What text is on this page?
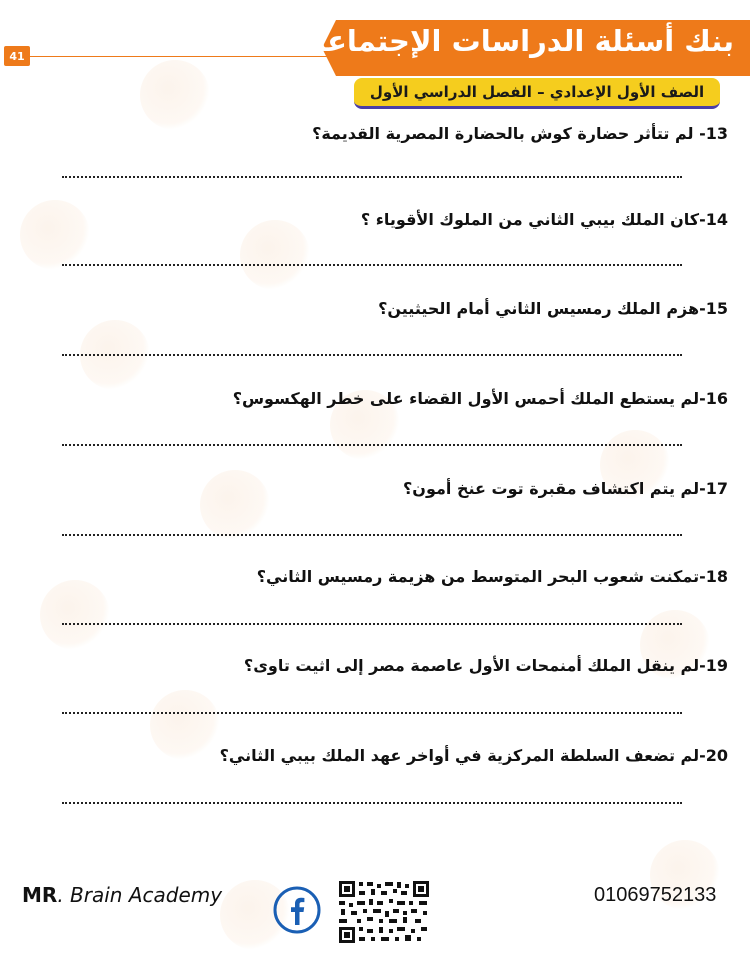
41	بنك أسئلة الدراسات الإجتماعية
الصف الأول الإعدادي – الفصل الدراسي الأول
13- لم تتأثر حضارة كوش بالحضارة المصرية القديمة؟
14-كان الملك بيبي الثاني من الملوك الأقوياء ؟
15-هزم الملك رمسيس الثاني أمام الحيثيين؟
16-لم يستطع الملك أحمس الأول القضاء على خطر الهكسوس؟
17-لم يتم اكتشاف مقبرة توت عنخ أمون؟
18-تمكنت شعوب البحر المتوسط من هزيمة رمسيس الثاني؟
19-لم ينقل الملك أمنمحات الأول عاصمة مصر إلى اثيت تاوى؟
20-لم تضعف السلطة المركزية في أواخر عهد الملك بيبي الثاني؟
MR. Brain Academy	01069752133
